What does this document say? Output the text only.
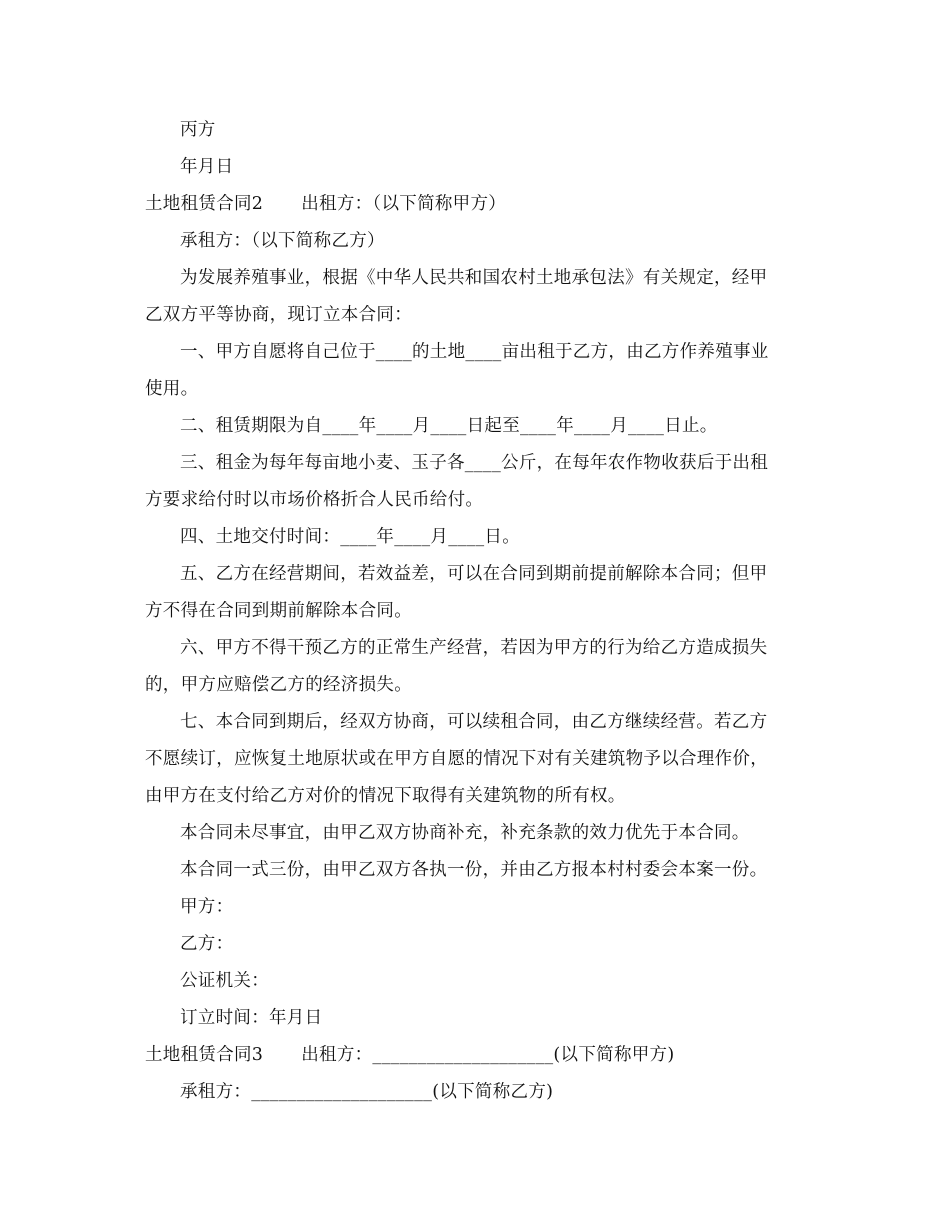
丙方
年月日
土地租赁合同2 出租方：（以下简称甲方）
承租方：（以下简称乙方）
为发展养殖事业，根据《中华人民共和国农村土地承包法》有关规定，经甲
乙双方平等协商，现订立本合同：
一、甲方自愿将自己位于____的土地____亩出租于乙方，由乙方作养殖事业
使用。
二、租赁期限为自____年____月____日起至____年____月____日止。
三、租金为每年每亩地小麦、玉子各____公斤，在每年农作物收获后于出租
方要求给付时以市场价格折合人民币给付。
四、土地交付时间：____年____月____日。
五、乙方在经营期间，若效益差，可以在合同到期前提前解除本合同；但甲
方不得在合同到期前解除本合同。
六、甲方不得干预乙方的正常生产经营，若因为甲方的行为给乙方造成损失
的，甲方应赔偿乙方的经济损失。
七、本合同到期后，经双方协商，可以续租合同，由乙方继续经营。若乙方
不愿续订，应恢复土地原状或在甲方自愿的情况下对有关建筑物予以合理作价，
由甲方在支付给乙方对价的情况下取得有关建筑物的所有权。
本合同未尽事宜，由甲乙双方协商补充，补充条款的效力优先于本合同。
本合同一式三份，由甲乙双方各执一份，并由乙方报本村村委会本案一份。
甲方：
乙方：
公证机关：
订立时间：年月日
土地租赁合同3 出租方：____________________(以下简称甲方)
承租方：____________________(以下简称乙方)
